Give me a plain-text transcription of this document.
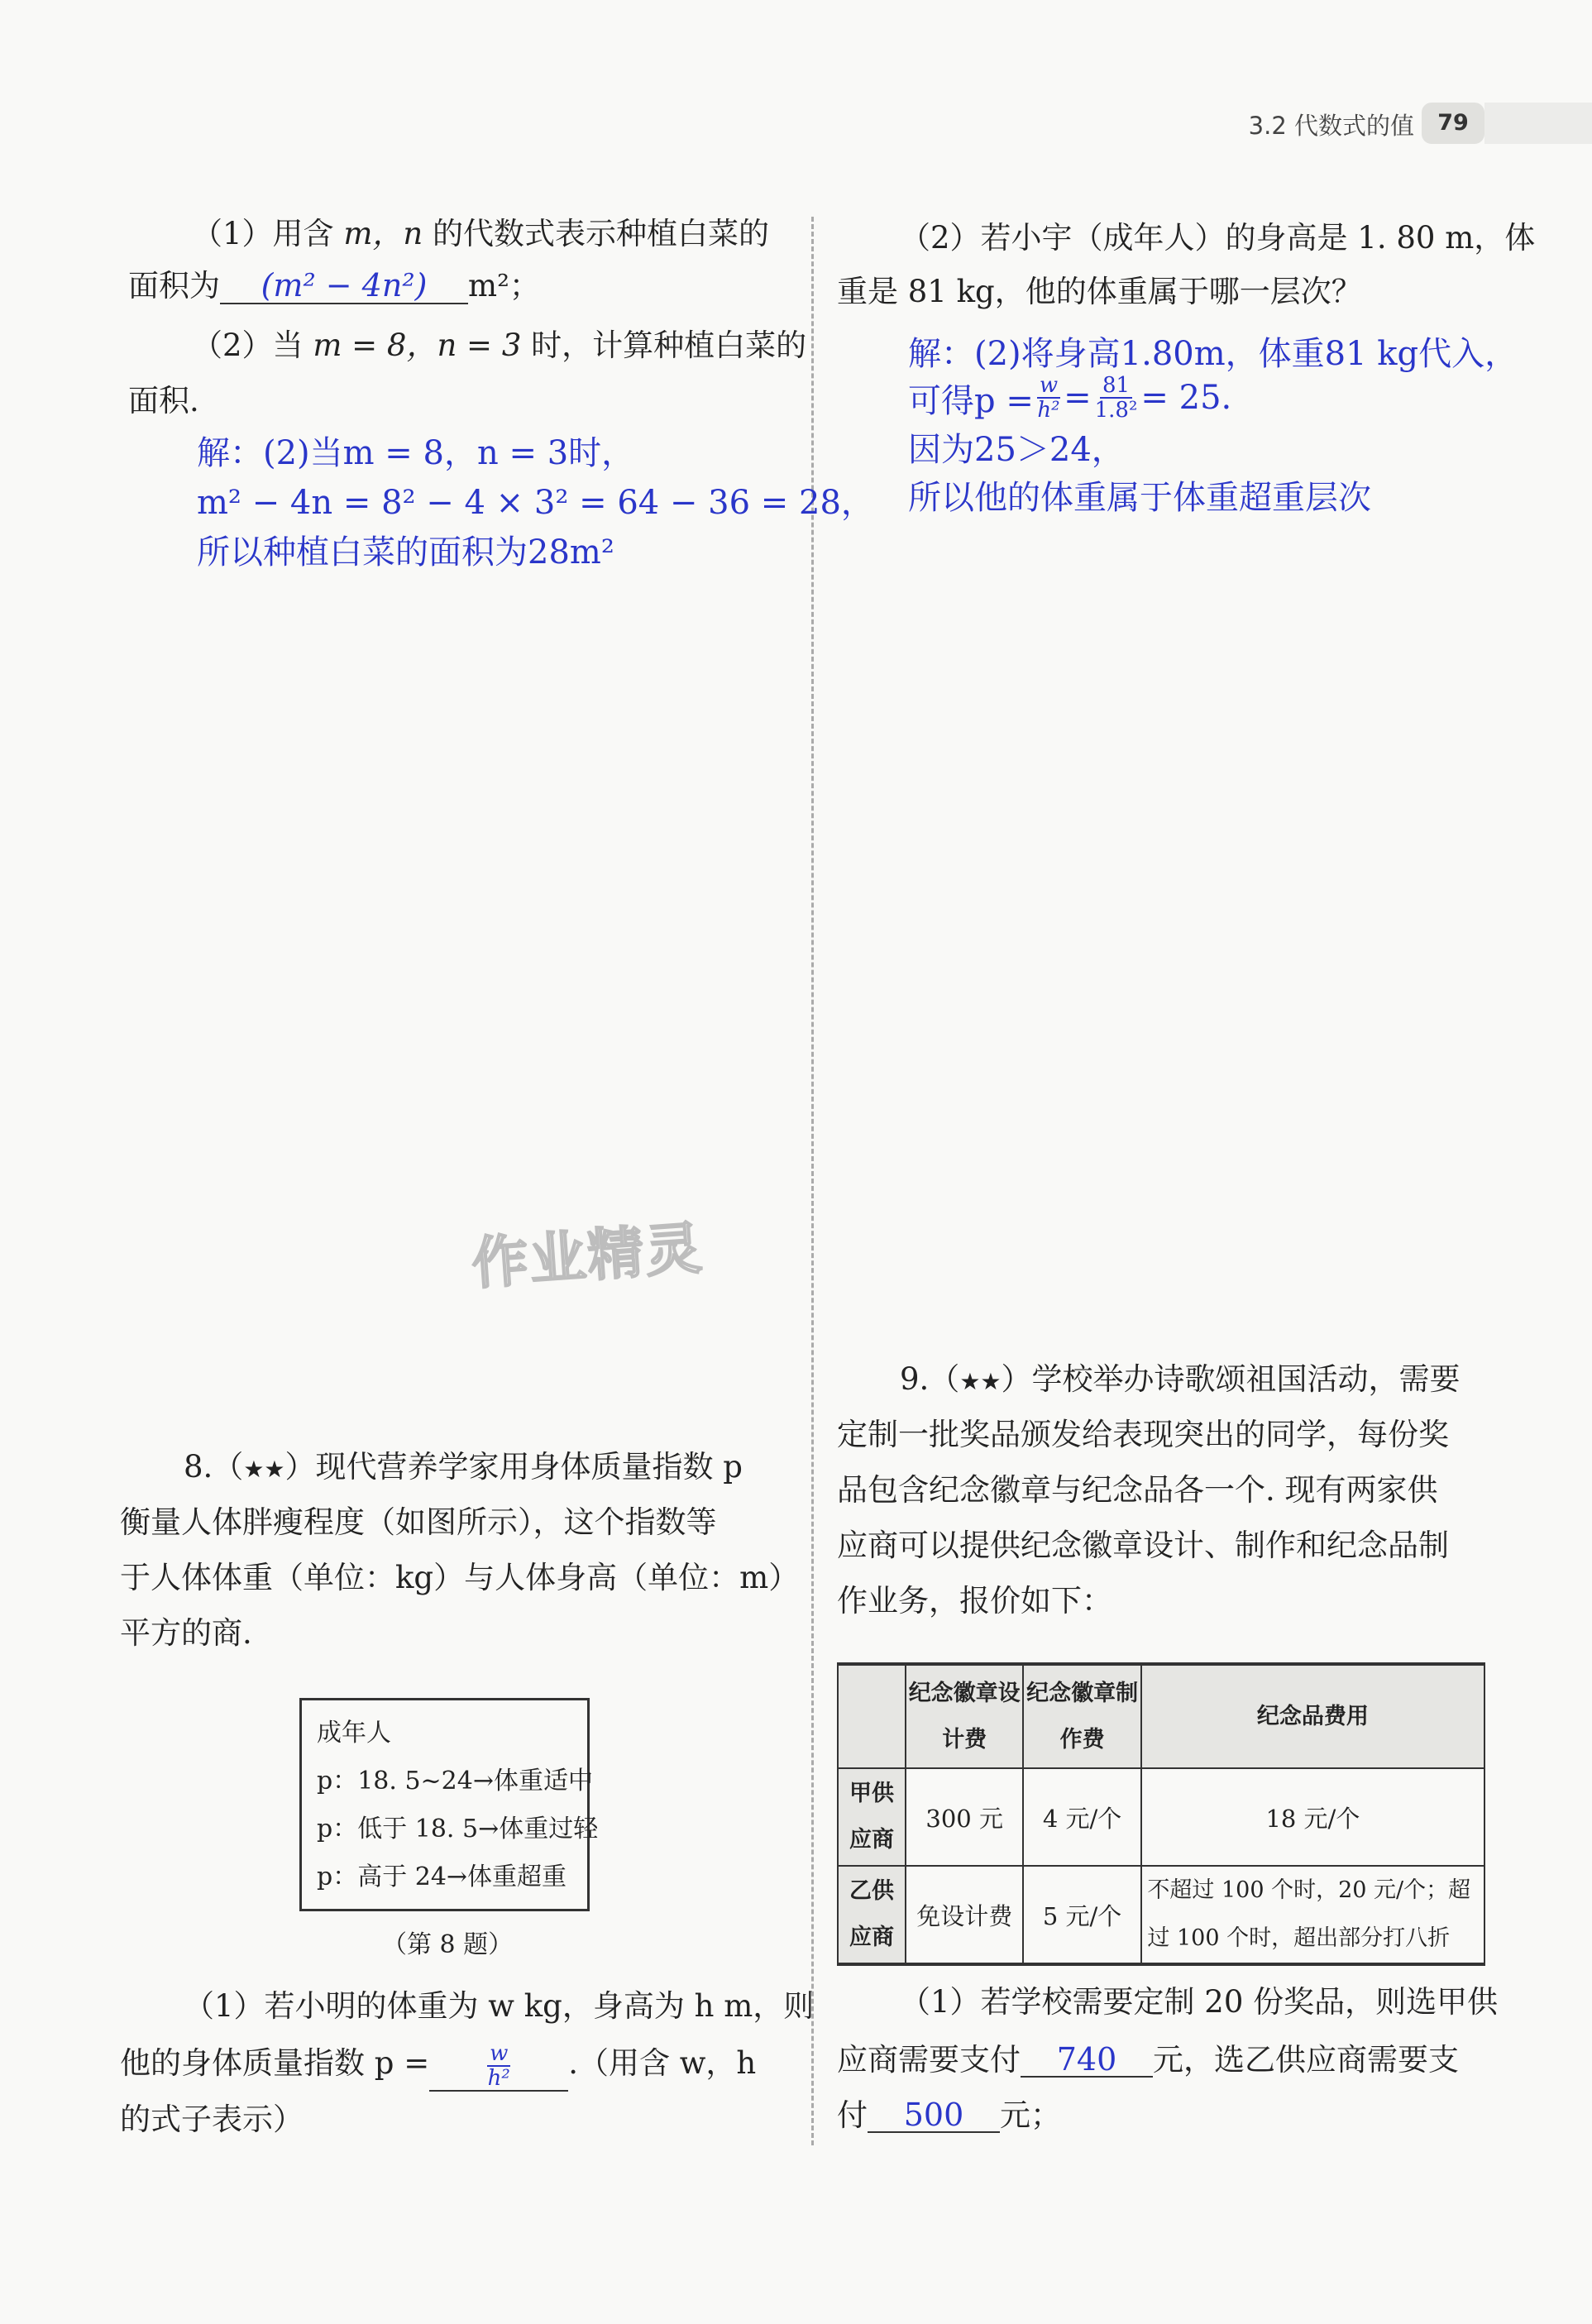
3.2 代数式的值	79
（1）用含 m，n 的代数式表示种植白菜的
面积为 (m² − 4n²) m²；
（2）当 m = 8，n = 3 时，计算种植白菜的
面积.
解：(2)当m = 8，n = 3时，
m² − 4n = 8² − 4 × 3² = 64 − 36 = 28，
所以种植白菜的面积为28m²
作业精灵
8.（★★）现代营养学家用身体质量指数 p
衡量人体胖瘦程度（如图所示），这个指数等
于人体体重（单位：kg）与人体身高（单位：m）
平方的商.
成年人
p：18. 5~24→体重适中
p：低于 18. 5→体重过轻
p：高于 24→体重超重
（第 8 题）
（1）若小明的体重为 w kg，身高为 h m，则
他的身体质量指数 p =	$\frac{w}{\text{h²}}$ .（用含 w，h
的式子表示）
（2）若小宇（成年人）的身高是 1. 80 m，体
重是 81 kg，他的体重属于哪一层次？
解：(2)将身高1.80m，体重81 kg代入，
可得$p = \frac{w}{\text{h²}} = \frac{81}{\text{1.8²}} = 25$.
因为25＞24，
所以他的体重属于体重超重层次
9.（★★）学校举办诗歌颂祖国活动，需要
定制一批奖品颁发给表现突出的同学，每份奖
品包含纪念徽章与纪念品各一个. 现有两家供
应商可以提供纪念徽章设计、制作和纪念品制
作业务，报价如下：

	纪念徽章设计费	纪念徽章制作费	纪念品费用

甲供应商	300 元	4 元/个	18 元/个

乙供应商	免设计费	5 元/个	不超过 100 个时，20 元/个；超过 100 个时，超出部分打八折
（1）若学校需要定制 20 份奖品，则选甲供
应商需要支付 740 元，选乙供应商需要支
付 500 元；
